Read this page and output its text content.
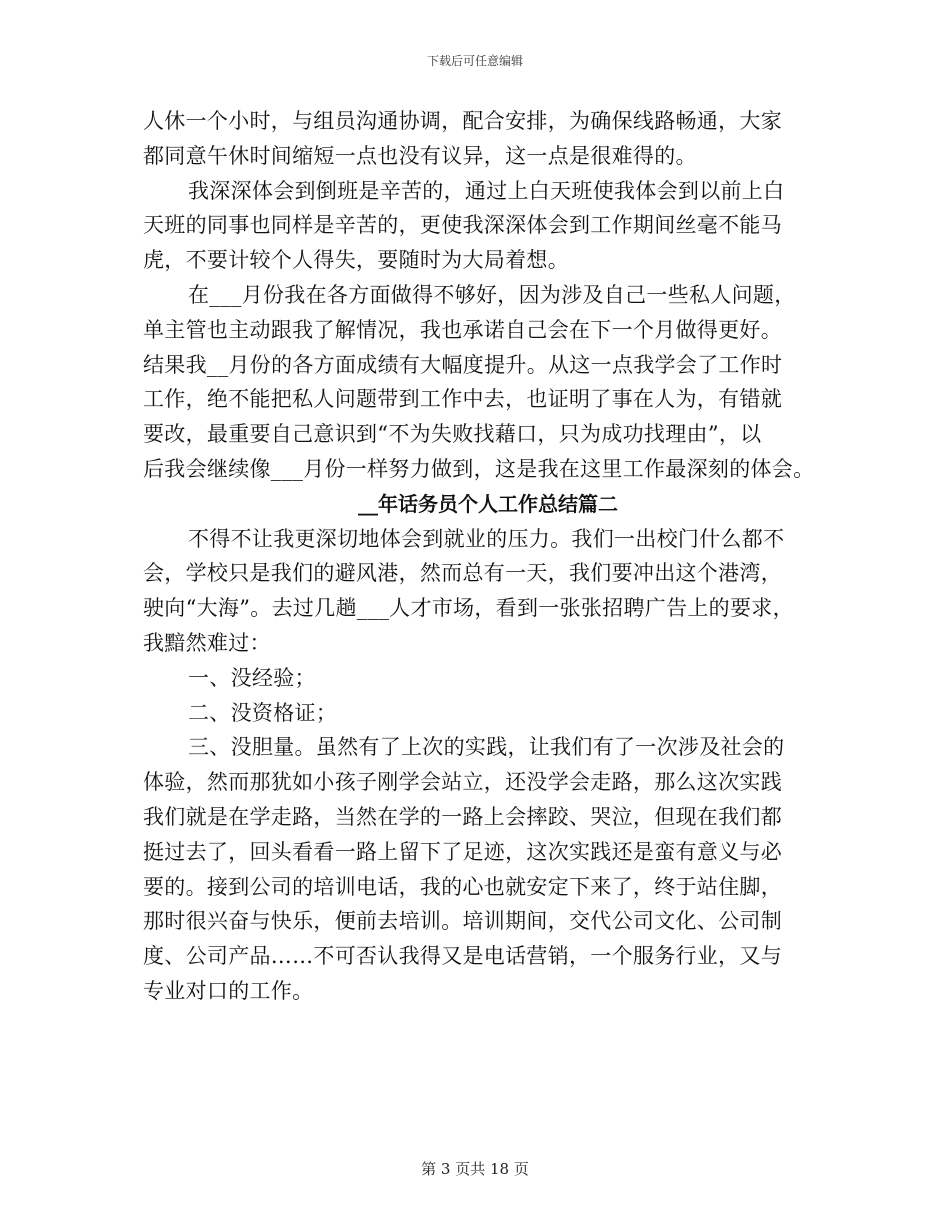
下载后可任意编辑
人休一个小时，与组员沟通协调，配合安排，为确保线路畅通，大家
都同意午休时间缩短一点也没有议异，这一点是很难得的。
我深深体会到倒班是辛苦的，通过上白天班使我体会到以前上白
天班的同事也同样是辛苦的，更使我深深体会到工作期间丝毫不能马
虎，不要计较个人得失，要随时为大局着想。
在___月份我在各方面做得不够好，因为涉及自己一些私人问题，
单主管也主动跟我了解情况，我也承诺自己会在下一个月做得更好。
结果我__月份的各方面成绩有大幅度提升。从这一点我学会了工作时
工作，绝不能把私人问题带到工作中去，也证明了事在人为，有错就
要改，最重要自己意识到“不为失败找藉口，只为成功找理由”，以
后我会继续像___月份一样努力做到，这是我在这里工作最深刻的体会。
__年话务员个人工作总结篇二
不得不让我更深切地体会到就业的压力。我们一出校门什么都不
会，学校只是我们的避风港，然而总有一天，我们要冲出这个港湾，
驶向“大海”。去过几趟___人才市场，看到一张张招聘广告上的要求，
我黯然难过：
一、没经验；
二、没资格证；
三、没胆量。虽然有了上次的实践，让我们有了一次涉及社会的
体验，然而那犹如小孩子刚学会站立，还没学会走路，那么这次实践
我们就是在学走路，当然在学的一路上会摔跤、哭泣，但现在我们都
挺过去了，回头看看一路上留下了足迹，这次实践还是蛮有意义与必
要的。接到公司的培训电话，我的心也就安定下来了，终于站住脚，
那时很兴奋与快乐，便前去培训。培训期间，交代公司文化、公司制
度、公司产品……不可否认我得又是电话营销，一个服务行业，又与
专业对口的工作。
第 3 页共 18 页
